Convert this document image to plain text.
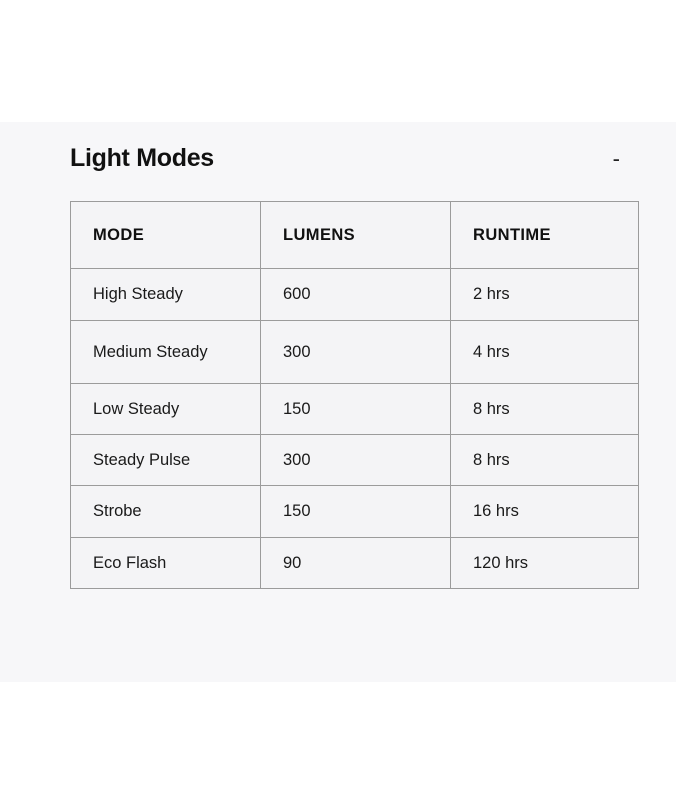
Light Modes	-
MODE	LUMENS	RUNTIME
High Steady	600	2 hrs
Medium Steady	300	4 hrs
Low Steady	150	8 hrs
Steady Pulse	300	8 hrs
Strobe	150	16 hrs
Eco Flash	90	120 hrs
